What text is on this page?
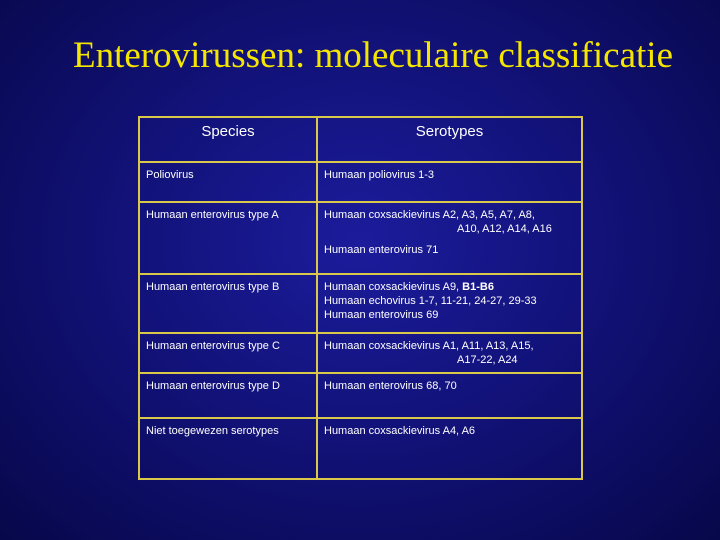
Enterovirussen: moleculaire classificatie
Species	Serotypes
Poliovirus	Humaan poliovirus 1-3

Humaan enterovirus type A	Humaan coxsackievirus A2, A3, A5, A7, A8,
A10, A12, A14, A16
Humaan enterovirus 71

Humaan enterovirus type B	Humaan coxsackievirus A9, B1-B6
Humaan echovirus 1-7, 11-21, 24-27, 29-33
Humaan enterovirus 69

Humaan enterovirus type C	Humaan coxsackievirus A1, A11, A13, A15,
A17-22, A24

Humaan enterovirus type D	Humaan enterovirus 68, 70

Niet toegewezen serotypes	Humaan coxsackievirus A4, A6
